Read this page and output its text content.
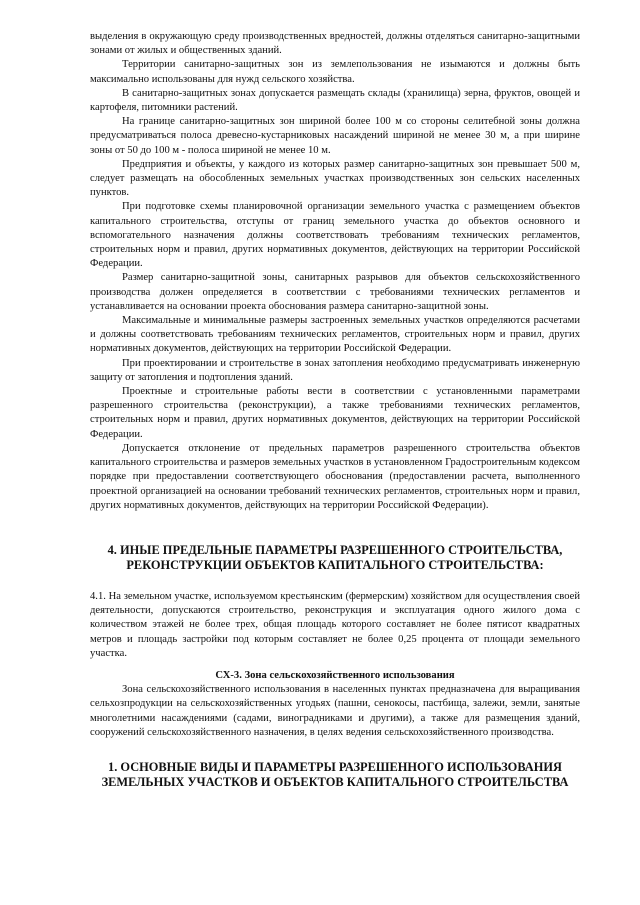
выделения в окружающую среду производственных вредностей, должны отделяться санитарно-защитными зонами от жилых и общественных зданий.

Территории санитарно-защитных зон из землепользования не изымаются и должны быть максимально использованы для нужд сельского хозяйства.

В санитарно-защитных зонах допускается размещать склады (хранилища) зерна, фруктов, овощей и картофеля, питомники растений.

На границе санитарно-защитных зон шириной более 100 м со стороны селитебной зоны должна предусматриваться полоса древесно-кустарниковых насаждений шириной не менее 30 м, а при ширине зоны от 50 до 100 м - полоса шириной не менее 10 м.

Предприятия и объекты, у каждого из которых размер санитарно-защитных зон превышает 500 м, следует размещать на обособленных земельных участках производственных зон сельских населенных пунктов.

При подготовке схемы планировочной организации земельного участка с размещением объектов капитального строительства, отступы от границ земельного участка до объектов основного и вспомогательного назначения должны соответствовать требованиям технических регламентов, строительных норм и правил, других нормативных документов, действующих на территории Российской Федерации.

Размер санитарно-защитной зоны, санитарных разрывов для объектов сельскохозяйственного производства должен определяется в соответствии с требованиями технических регламентов и устанавливается на основании проекта обоснования размера санитарно-защитной зоны.

Максимальные и минимальные размеры застроенных земельных участков определяются расчетами и должны соответствовать требованиям технических регламентов, строительных норм и правил, других нормативных документов, действующих на территории Российской Федерации.

При проектировании и строительстве в зонах затопления необходимо предусматривать инженерную защиту от затопления и подтопления зданий.

Проектные и строительные работы вести в соответствии с установленными параметрами разрешенного строительства (реконструкции), а также требованиями технических регламентов, строительных норм и правил, других нормативных документов, действующих на территории Российской Федерации.

Допускается отклонение от предельных параметров разрешенного строительства объектов капитального строительства и размеров земельных участков в установленном Градостроительным кодексом порядке при предоставлении соответствующего обоснования (предоставлении расчета, выполненного проектной организацией на основании требований технических регламентов, строительных норм и правил, других нормативных документов, действующих на территории Российской Федерации).

4. ИНЫЕ ПРЕДЕЛЬНЫЕ ПАРАМЕТРЫ РАЗРЕШЕННОГО СТРОИТЕЛЬСТВА, РЕКОНСТРУКЦИИ ОБЪЕКТОВ КАПИТАЛЬНОГО СТРОИТЕЛЬСТВА:

4.1. На земельном участке, используемом крестьянским (фермерским) хозяйством для осуществления своей деятельности, допускаются строительство, реконструкция и эксплуатация одного жилого дома с количеством этажей не более трех, общая площадь которого составляет не более пятисот квадратных метров и площадь застройки под которым составляет не более 0,25 процента от площади земельного участка.

СХ-3. Зона сельскохозяйственного использования

Зона сельскохозяйственного использования в населенных пунктах предназначена для выращивания сельхозпродукции на сельскохозяйственных угодьях (пашни, сенокосы, пастбища, залежи, земли, занятые многолетними насаждениями (садами, виноградниками и другими), а также для размещения зданий, сооружений сельскохозяйственного назначения, в целях ведения сельскохозяйственного производства.

1. ОСНОВНЫЕ ВИДЫ И ПАРАМЕТРЫ РАЗРЕШЕННОГО ИСПОЛЬЗОВАНИЯ ЗЕМЕЛЬНЫХ УЧАСТКОВ И ОБЪЕКТОВ КАПИТАЛЬНОГО СТРОИТЕЛЬСТВА
